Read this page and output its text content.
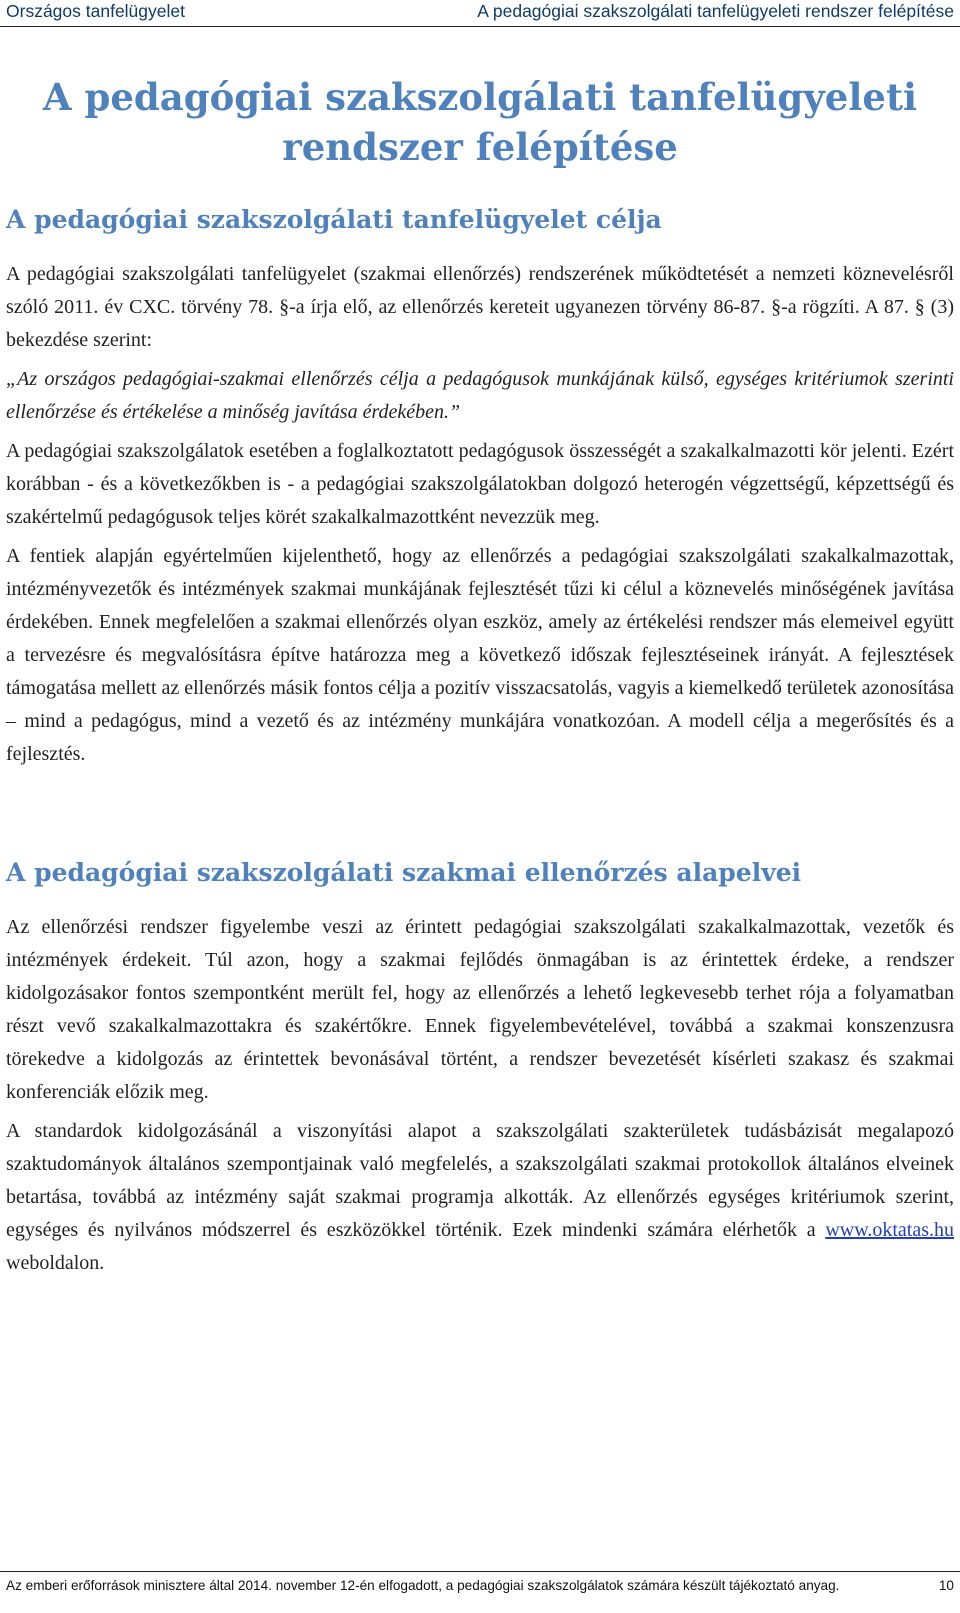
Országos tanfelügyelet	A pedagógiai szakszolgálati tanfelügyeleti rendszer felépítése
A pedagógiai szakszolgálati tanfelügyeleti
rendszer felépítése
A pedagógiai szakszolgálati tanfelügyelet célja

A pedagógiai szakszolgálati tanfelügyelet (szakmai ellenőrzés) rendszerének működtetését a nemzeti köznevelésről szóló 2011. év CXC. törvény 78. §-a írja elő, az ellenőrzés kereteit ugyanezen törvény 86-87. §-a rögzíti. A 87. § (3) bekezdése szerint:

„Az országos pedagógiai-szakmai ellenőrzés célja a pedagógusok munkájának külső, egységes kritériumok szerinti ellenőrzése és értékelése a minőség javítása érdekében.”

A pedagógiai szakszolgálatok esetében a foglalkoztatott pedagógusok összességét a szakalkalmazotti kör jelenti. Ezért korábban - és a következőkben is - a pedagógiai szakszolgálatokban dolgozó heterogén végzettségű, képzettségű és szakértelmű pedagógusok teljes körét szakalkalmazottként nevezzük meg.

A fentiek alapján egyértelműen kijelenthető, hogy az ellenőrzés a pedagógiai szakszolgálati szakalkalmazottak, intézményvezetők és intézmények szakmai munkájának fejlesztését tűzi ki célul a köznevelés minőségének javítása érdekében. Ennek megfelelően a szakmai ellenőrzés olyan eszköz, amely az értékelési rendszer más elemeivel együtt a tervezésre és megvalósításra építve határozza meg a következő időszak fejlesztéseinek irányát. A fejlesztések támogatása mellett az ellenőrzés másik fontos célja a pozitív visszacsatolás, vagyis a kiemelkedő területek azonosítása – mind a pedagógus, mind a vezető és az intézmény munkájára vonatkozóan. A modell célja a megerősítés és a fejlesztés.

A pedagógiai szakszolgálati szakmai ellenőrzés alapelvei

Az ellenőrzési rendszer figyelembe veszi az érintett pedagógiai szakszolgálati szakalkalmazottak, vezetők és intézmények érdekeit. Túl azon, hogy a szakmai fejlődés önmagában is az érintettek érdeke, a rendszer kidolgozásakor fontos szempontként merült fel, hogy az ellenőrzés a lehető legkevesebb terhet rója a folyamatban részt vevő szakalkalmazottakra és szakértőkre. Ennek figyelembevételével, továbbá a szakmai konszenzusra törekedve a kidolgozás az érintettek bevonásával történt, a rendszer bevezetését kísérleti szakasz és szakmai konferenciák előzik meg.

A standardok kidolgozásánál a viszonyítási alapot a szakszolgálati szakterületek tudásbázisát megalapozó szaktudományok általános szempontjainak való megfelelés, a szakszolgálati szakmai protokollok általános elveinek betartása, továbbá az intézmény saját szakmai programja alkották. Az ellenőrzés egységes kritériumok szerint, egységes és nyilvános módszerrel és eszközökkel történik. Ezek mindenki számára elérhetők a www.oktatas.hu weboldalon.

Az emberi erőforrások minisztere által 2014. november 12-én elfogadott, a pedagógiai szakszolgálatok számára készült tájékoztató anyag.	10
